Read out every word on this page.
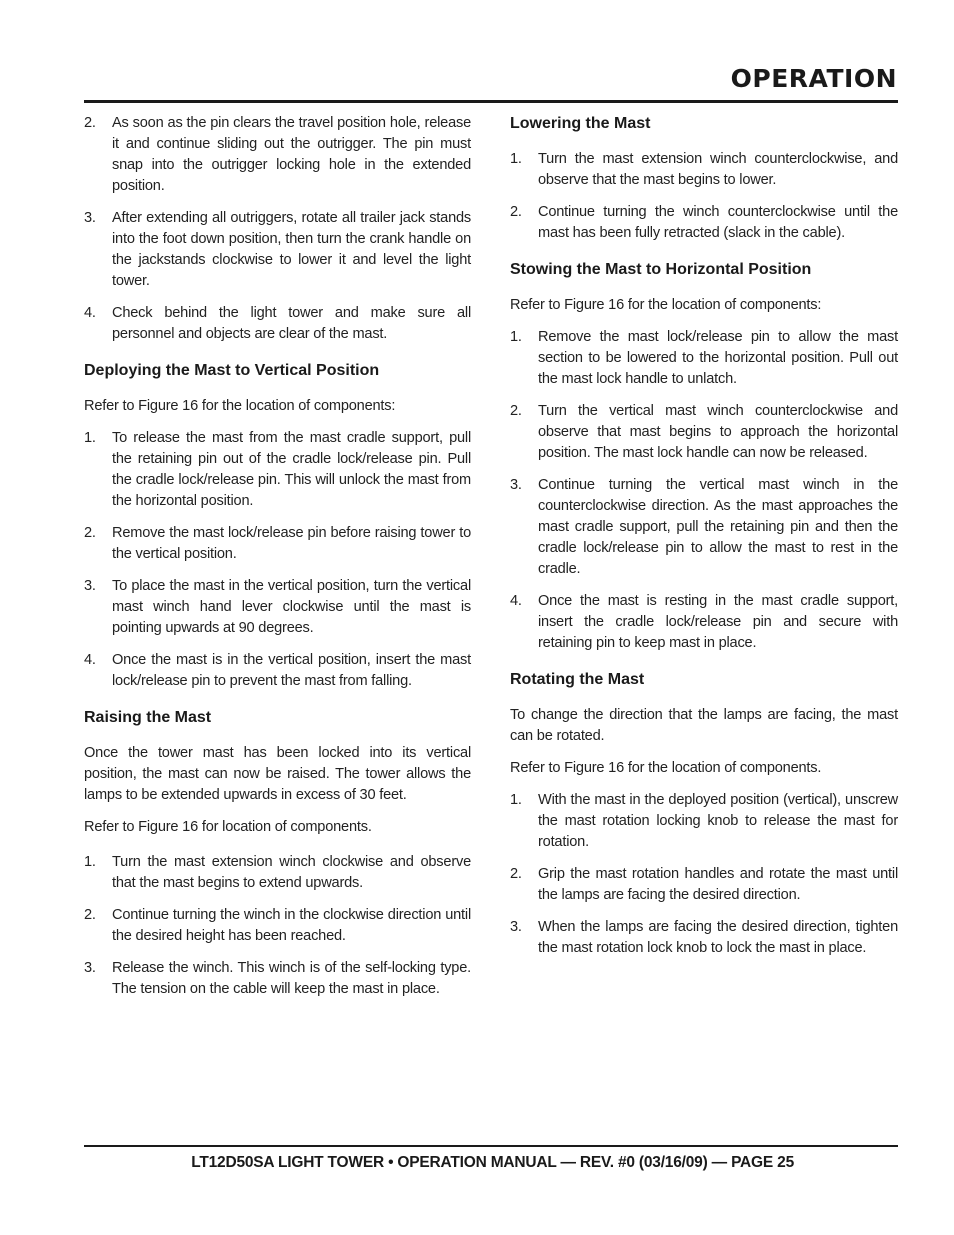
OPERATION
2.	As soon as the pin clears the travel position hole, release it and continue sliding out the outrigger. The pin must snap into the outrigger locking hole in the extended position.
3.	After extending all outriggers, rotate all trailer jack stands into the foot down position, then turn the crank handle on the jackstands clockwise to lower it and level the light tower.
4.	Check behind the light tower and make sure all personnel and objects are clear of the mast.
Deploying the Mast to Vertical Position

Refer to Figure 16 for the location of components:

1.	To release the mast from the mast cradle support, pull the retaining pin out of the cradle lock/release pin. Pull the cradle lock/release pin. This will unlock the mast from the horizontal position.
2.	Remove the mast lock/release pin before raising tower to the vertical position.
3.	To place the mast in the vertical position, turn the vertical mast winch hand lever clockwise until the mast is pointing upwards at 90 degrees.
4.	Once the mast is in the vertical position, insert the mast lock/release pin to prevent the mast from falling.
Raising the Mast

Once the tower mast has been locked into its vertical position, the mast can now be raised. The tower allows the lamps to be extended upwards in excess of 30 feet.

Refer to Figure 16 for location of components.

1.	Turn the mast extension winch clockwise and observe that the mast begins to extend upwards.
2.	Continue turning the winch in the clockwise direction until the desired height has been reached.
3.	Release the winch. This winch is of the self-locking type. The tension on the cable will keep the mast in place.
Lowering the Mast
1.	Turn the mast extension winch counterclockwise, and observe that the mast begins to lower.
2.	Continue turning the winch counterclockwise until the mast has been fully retracted (slack in the cable).
Stowing the Mast to Horizontal Position

Refer to Figure 16 for the location of components:

1.	Remove the mast lock/release pin to allow the mast section to be lowered to the horizontal position. Pull out the mast lock handle to unlatch.
2.	Turn the vertical mast winch counterclockwise and observe that mast begins to approach the horizontal position. The mast lock handle can now be released.
3.	Continue turning the vertical mast winch in the counterclockwise direction. As the mast approaches the mast cradle support, pull the retaining pin and then the cradle lock/release pin to allow the mast to rest in the cradle.
4.	Once the mast is resting in the mast cradle support, insert the cradle lock/release pin and secure with retaining pin to keep mast in place.
Rotating the Mast

To change the direction that the lamps are facing, the mast can be rotated.

Refer to Figure 16 for the location of components.

1.	With the mast in the deployed position (vertical), unscrew the mast rotation locking knob to release the mast for rotation.
2.	Grip the mast rotation handles and rotate the mast until the lamps are facing the desired direction.
3.	When the lamps are facing the desired direction, tighten the mast rotation lock knob to lock the mast in place.
LT12D50SA LIGHT TOWER • OPERATION MANUAL — REV. #0 (03/16/09) — PAGE 25
